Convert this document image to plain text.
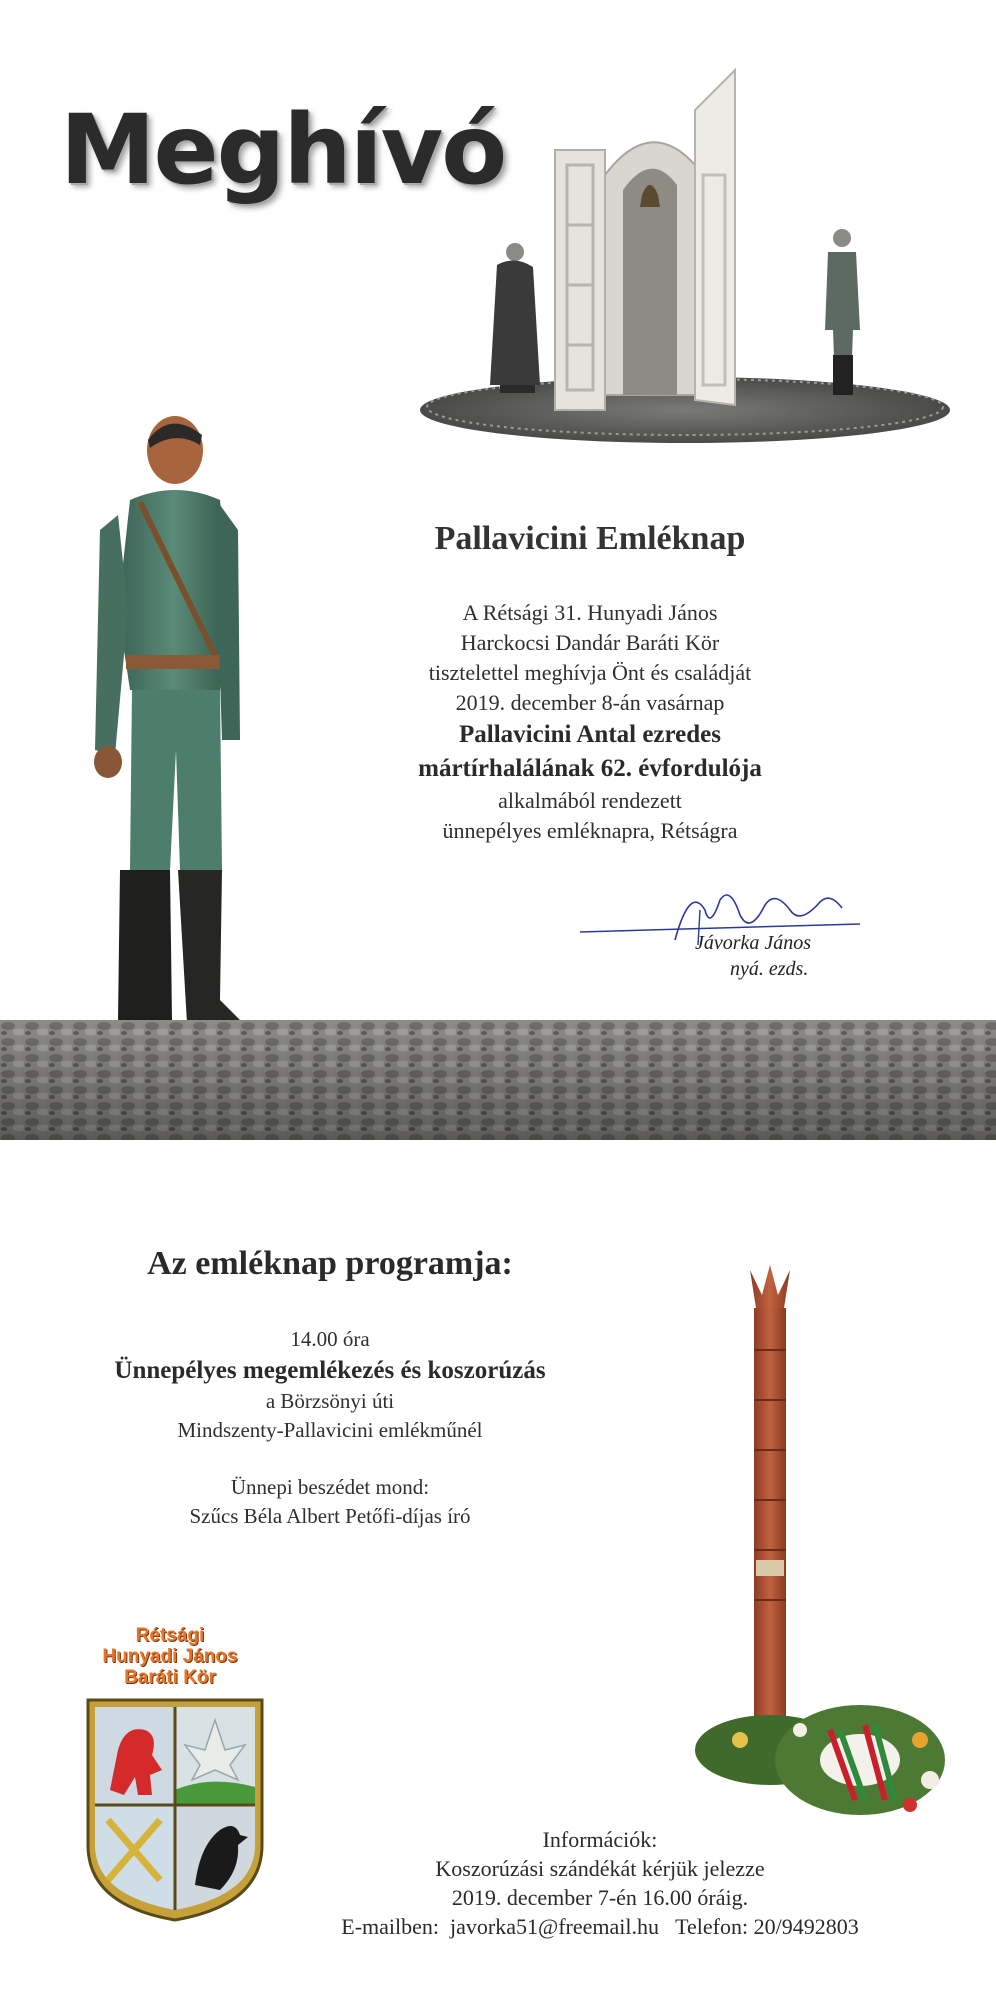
Meghívó
Pallavicini Emléknap
A Rétsági 31. Hunyadi János
Harckocsi Dandár Baráti Kör
tisztelettel meghívja Önt és családját
2019. december 8-án vasárnap
Pallavicini Antal ezredes
mártírhalálának 62. évfordulója
alkalmából rendezett
ünnepélyes emléknapra, Rétságra
Jávorka János
nyá. ezds.
Az emléknap programja:
14.00 óra
Ünnepélyes megemlékezés és koszorúzás
a Börzsönyi úti
Mindszenty-Pallavicini emlékműnél
Ünnepi beszédet mond:
Szűcs Béla Albert Petőfi-díjas író
Rétsági
Hunyadi János
Baráti Kör
Információk:
Koszorúzási szándékát kérjük jelezze
2019. december 7-én 16.00 óráig.
E-mailben: javorka51@freemail.hu Telefon: 20/9492803
